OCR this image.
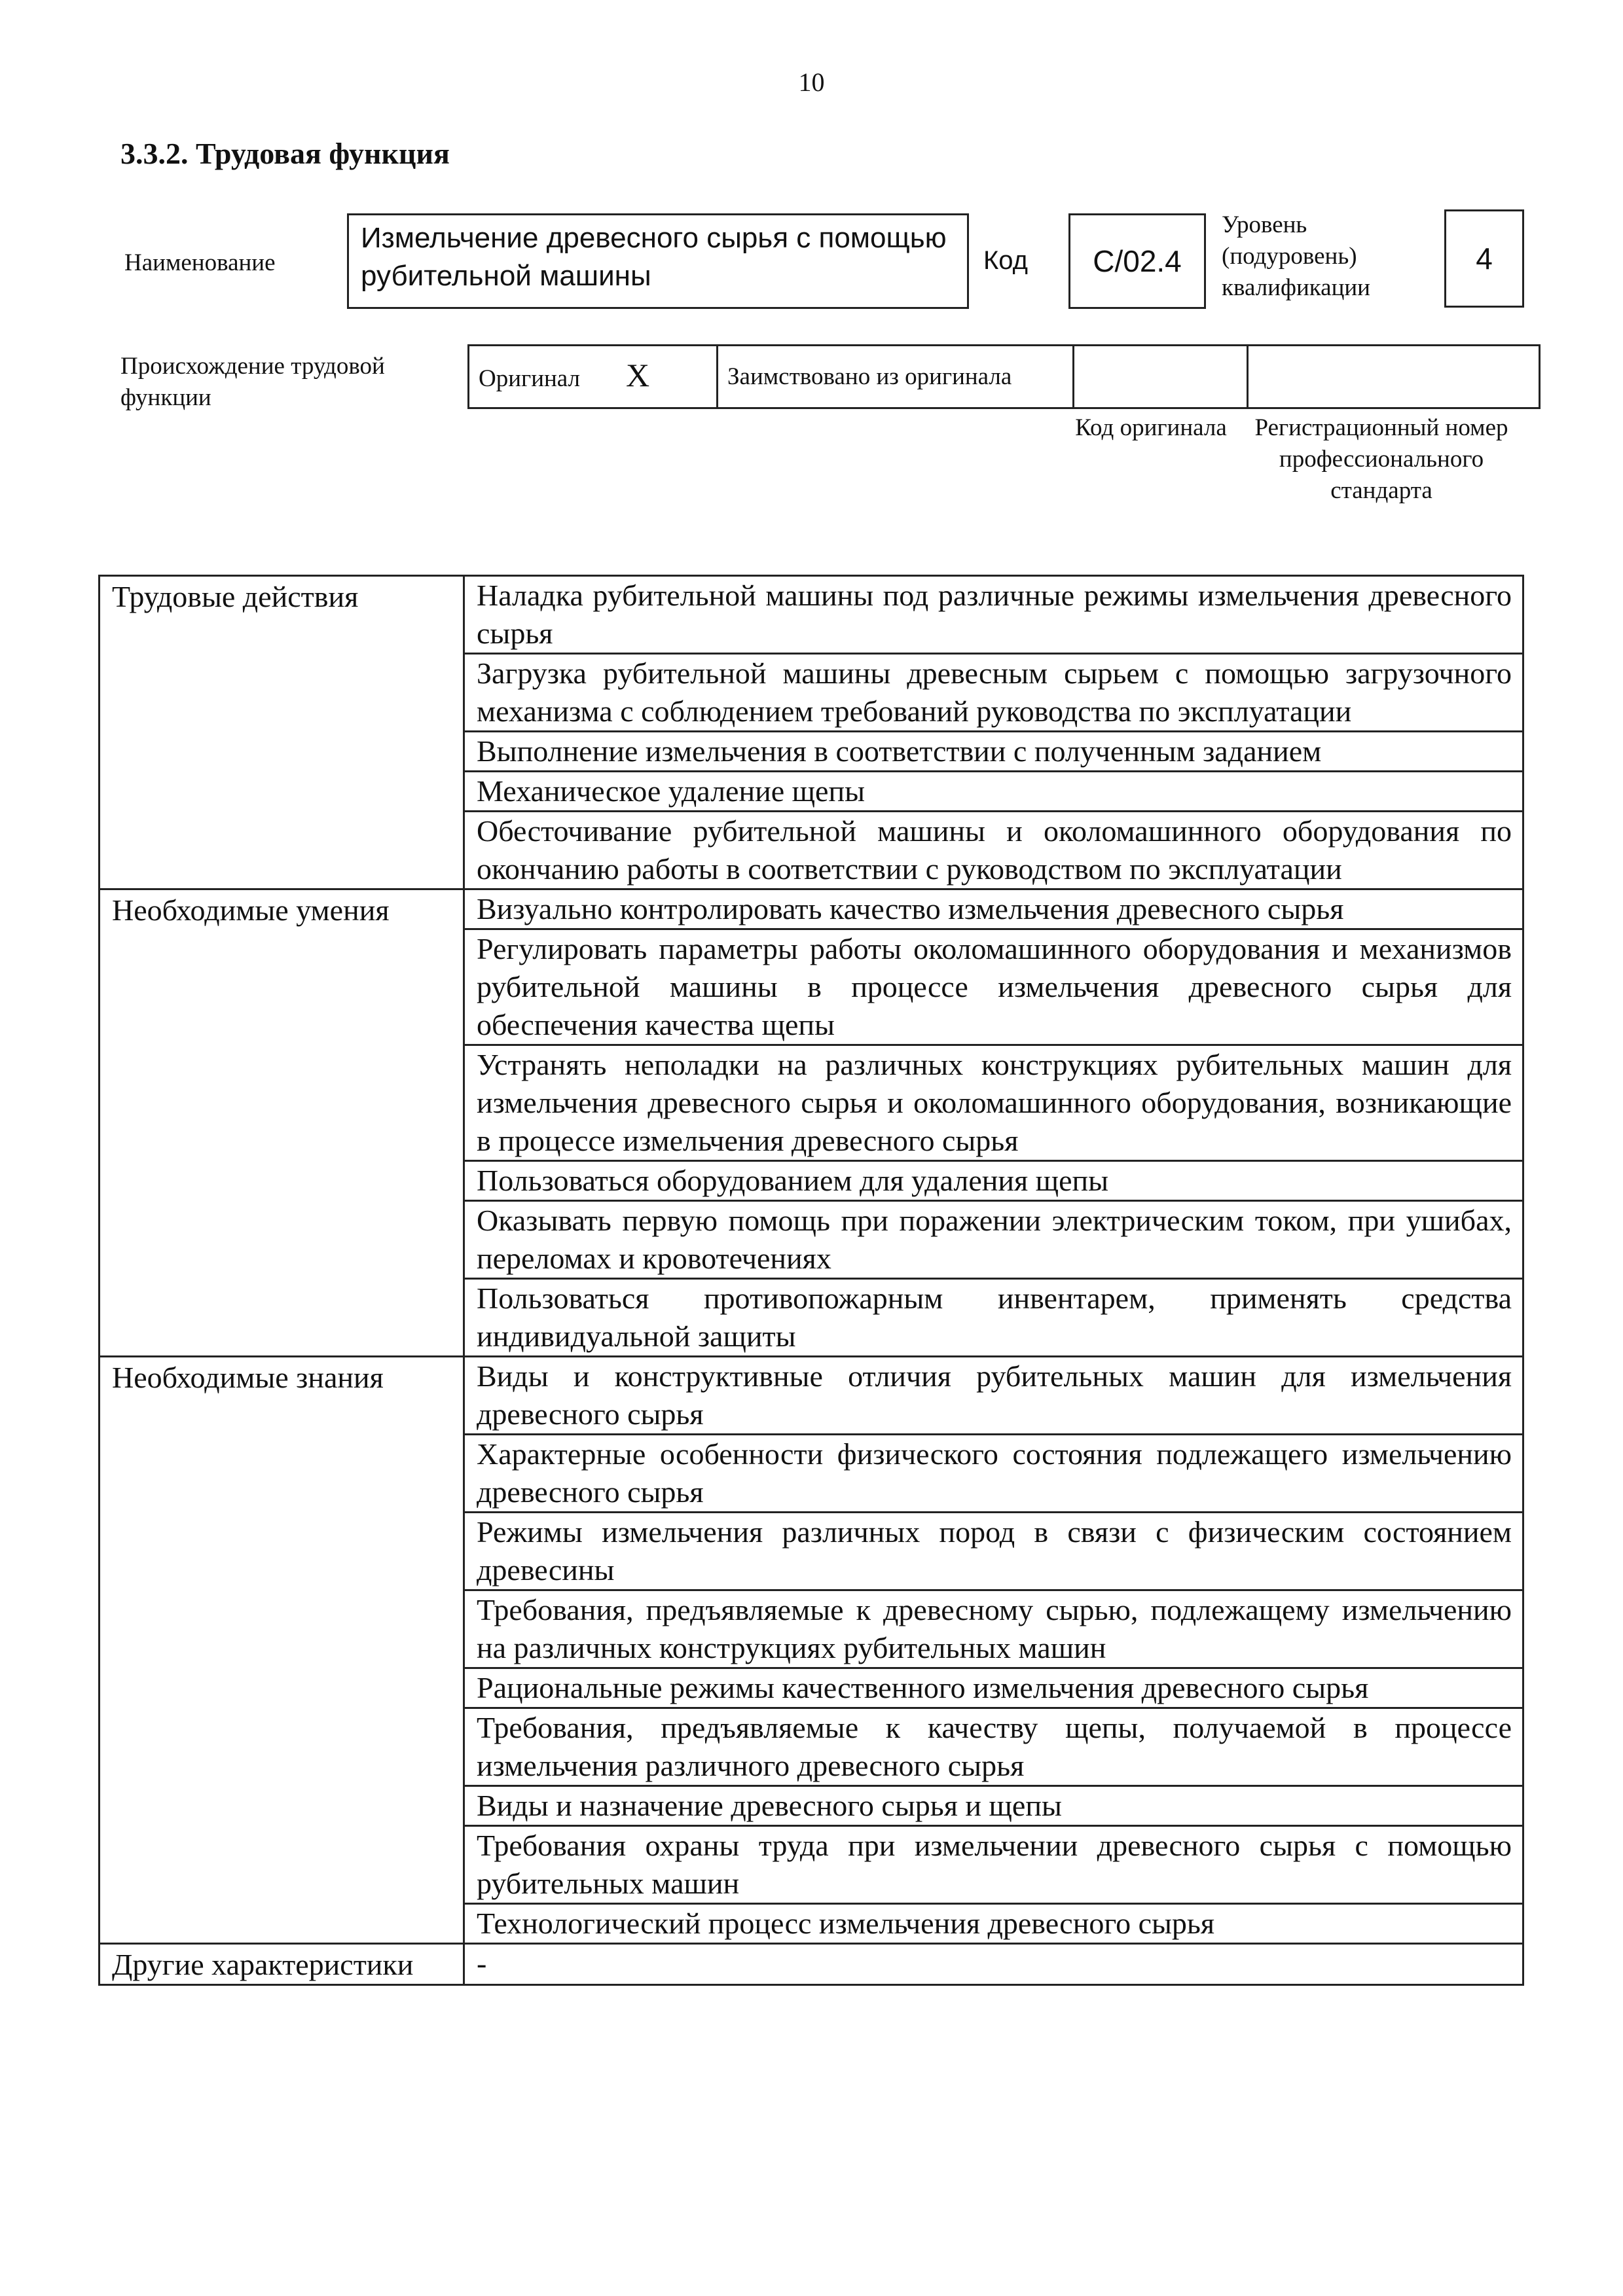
10
3.3.2. Трудовая функция
Наименование
Измельчение древесного сырья с помощью рубительной машины	Код	С/02.4
Уровень (подуровень) квалификации
4
Происхождение трудовой функции
Оригинал X	Заимствовано из оригинала		
Код оригинала	Регистрационный номер профессионального стандарта
Трудовые действия	Наладка рубительной машины под различные режимы измельчения древесного сырья
	Загрузка рубительной машины древесным сырьем с помощью загрузочного механизма с соблюдением требований руководства по эксплуатации
	Выполнение измельчения в соответствии с полученным заданием
	Механическое удаление щепы
	Обесточивание рубительной машины и околомашинного оборудования по окончанию работы в соответствии с руководством по эксплуатации
Необходимые умения	Визуально контролировать качество измельчения древесного сырья
	Регулировать параметры работы околомашинного оборудования и механизмов рубительной машины в процессе измельчения древесного сырья для обеспечения качества щепы
	Устранять неполадки на различных конструкциях рубительных машин для измельчения древесного сырья и околомашинного оборудования, возникающие в процессе измельчения древесного сырья
	Пользоваться оборудованием для удаления щепы
	Оказывать первую помощь при поражении электрическим током, при ушибах, переломах и кровотечениях
	Пользоваться противопожарным инвентарем, применять средства индивидуальной защиты
Необходимые знания	Виды и конструктивные отличия рубительных машин для измельчения древесного сырья
	Характерные особенности физического состояния подлежащего измельчению древесного сырья
	Режимы измельчения различных пород в связи с физическим состоянием древесины
	Требования, предъявляемые к древесному сырью, подлежащему измельчению на различных конструкциях рубительных машин
	Рациональные режимы качественного измельчения древесного сырья
	Требования, предъявляемые к качеству щепы, получаемой в процессе измельчения различного древесного сырья
	Виды и назначение древесного сырья и щепы
	Требования охраны труда при измельчении древесного сырья с помощью рубительных машин
	Технологический процесс измельчения древесного сырья
Другие характеристики	-
